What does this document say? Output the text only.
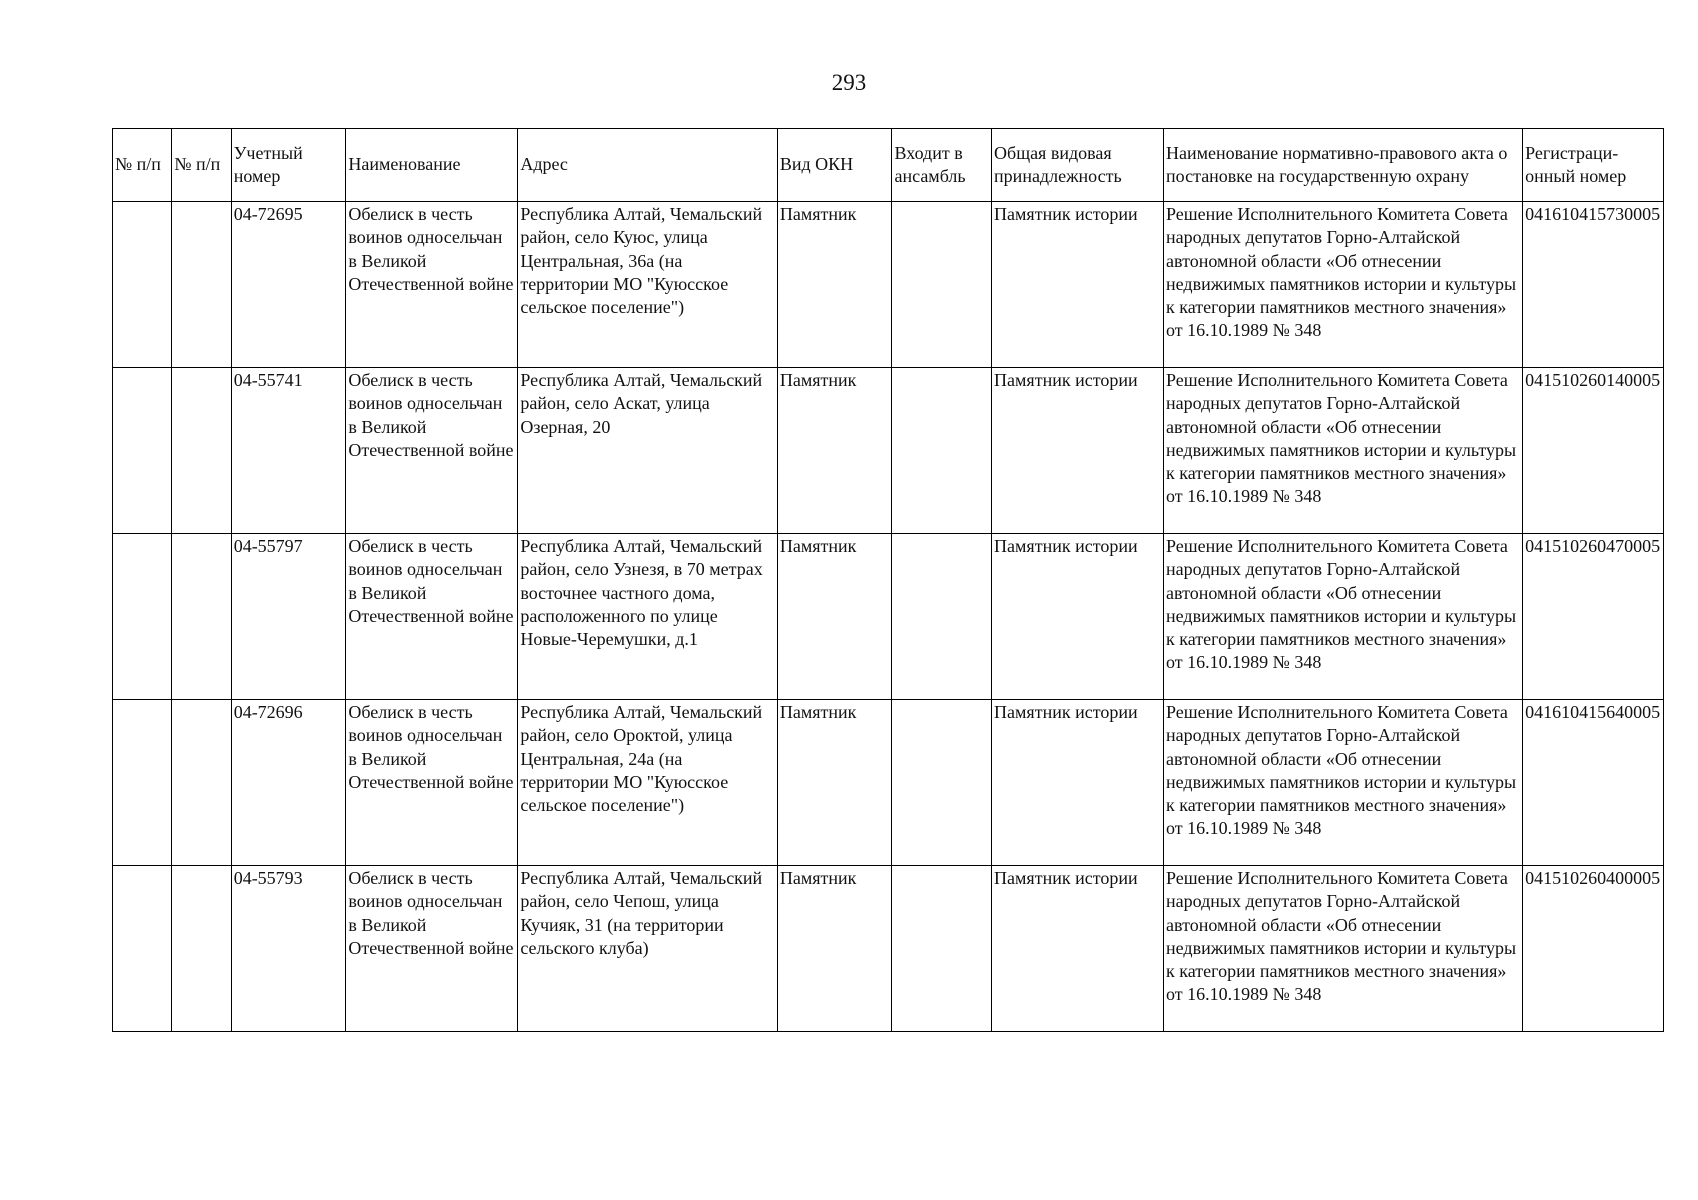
293
№ п/п	№ п/п	Учетный номер	Наименование	Адрес	Вид ОКН	Входит в ансамбль	Общая видовая принадлежность	Наименование нормативно-правового акта о постановке на государственную охрану	Регистраци-онный номер
		04-72695	Обелиск в честь воинов односельчан в Великой Отечественной войне	Республика Алтай, Чемальский район, село Куюс, улица Центральная, 36а (на территории МО "Куюсское сельское поселение")	Памятник		Памятник истории	Решение Исполнительного Комитета Совета народных депутатов Горно-Алтайской автономной области «Об отнесении недвижимых памятников истории и культуры к категории памятников местного значения» от 16.10.1989 № 348	041610415730005
		04-55741	Обелиск в честь воинов односельчан в Великой Отечественной войне	Республика Алтай, Чемальский район, село Аскат, улица Озерная, 20	Памятник		Памятник истории	Решение Исполнительного Комитета Совета народных депутатов Горно-Алтайской автономной области «Об отнесении недвижимых памятников истории и культуры к категории памятников местного значения» от 16.10.1989 № 348	041510260140005
		04-55797	Обелиск в честь воинов односельчан в Великой Отечественной войне	Республика Алтай, Чемальский район, село Узнезя, в 70 метрах восточнее частного дома, расположенного по улице Новые-Черемушки, д.1	Памятник		Памятник истории	Решение Исполнительного Комитета Совета народных депутатов Горно-Алтайской автономной области «Об отнесении недвижимых памятников истории и культуры к категории памятников местного значения» от 16.10.1989 № 348	041510260470005
		04-72696	Обелиск в честь воинов односельчан в Великой Отечественной войне	Республика Алтай, Чемальский район, село Ороктой, улица Центральная, 24а (на территории МО "Куюсское сельское поселение")	Памятник		Памятник истории	Решение Исполнительного Комитета Совета народных депутатов Горно-Алтайской автономной области «Об отнесении недвижимых памятников истории и культуры к категории памятников местного значения» от 16.10.1989 № 348	041610415640005
		04-55793	Обелиск в честь воинов односельчан в Великой Отечественной войне	Республика Алтай, Чемальский район, село Чепош, улица Кучияк, 31 (на территории сельского клуба)	Памятник		Памятник истории	Решение Исполнительного Комитета Совета народных депутатов Горно-Алтайской автономной области «Об отнесении недвижимых памятников истории и культуры к категории памятников местного значения» от 16.10.1989 № 348	041510260400005
